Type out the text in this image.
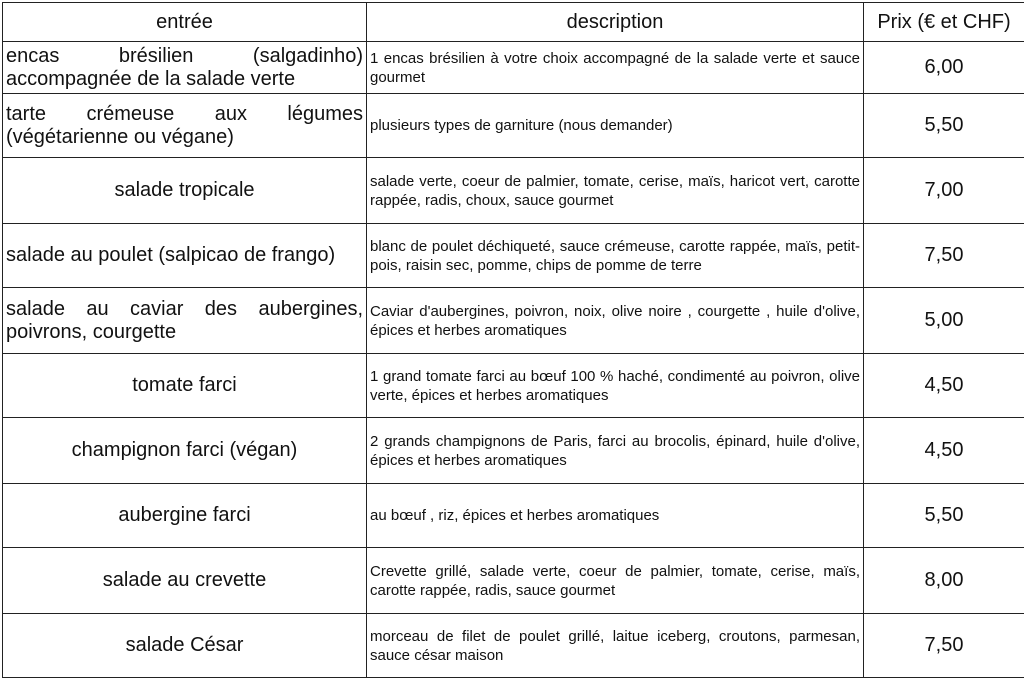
entrée	description	Prix (€ et CHF)
encas brésilien (salgadinho) accompagnée de la salade verte	1 encas brésilien à votre choix accompagné de la salade verte et sauce gourmet	6,00
tarte crémeuse aux légumes (végétarienne ou végane)	plusieurs types de garniture (nous demander)	5,50
salade tropicale	salade verte, coeur de palmier, tomate, cerise, maïs, haricot vert, carotte rappée, radis, choux, sauce gourmet	7,00
salade au poulet (salpicao de frango)	blanc de poulet déchiqueté, sauce crémeuse, carotte rappée, maïs, petit-pois, raisin sec, pomme, chips de pomme de terre	7,50
salade au caviar des aubergines, poivrons, courgette	Caviar d'aubergines, poivron, noix, olive noire , courgette , huile d'olive, épices et herbes aromatiques	5,00
tomate farci	1 grand tomate farci au bœuf 100 % haché, condimenté au poivron, olive verte, épices et herbes aromatiques	4,50
champignon farci (végan)	2 grands champignons de Paris, farci au brocolis, épinard, huile d'olive, épices et herbes aromatiques	4,50
aubergine farci	au bœuf , riz, épices et herbes aromatiques	5,50
salade au crevette	Crevette grillé, salade verte, coeur de palmier, tomate, cerise, maïs, carotte rappée, radis, sauce gourmet	8,00
salade César	morceau de filet de poulet grillé, laitue iceberg, croutons, parmesan, sauce césar maison	7,50
